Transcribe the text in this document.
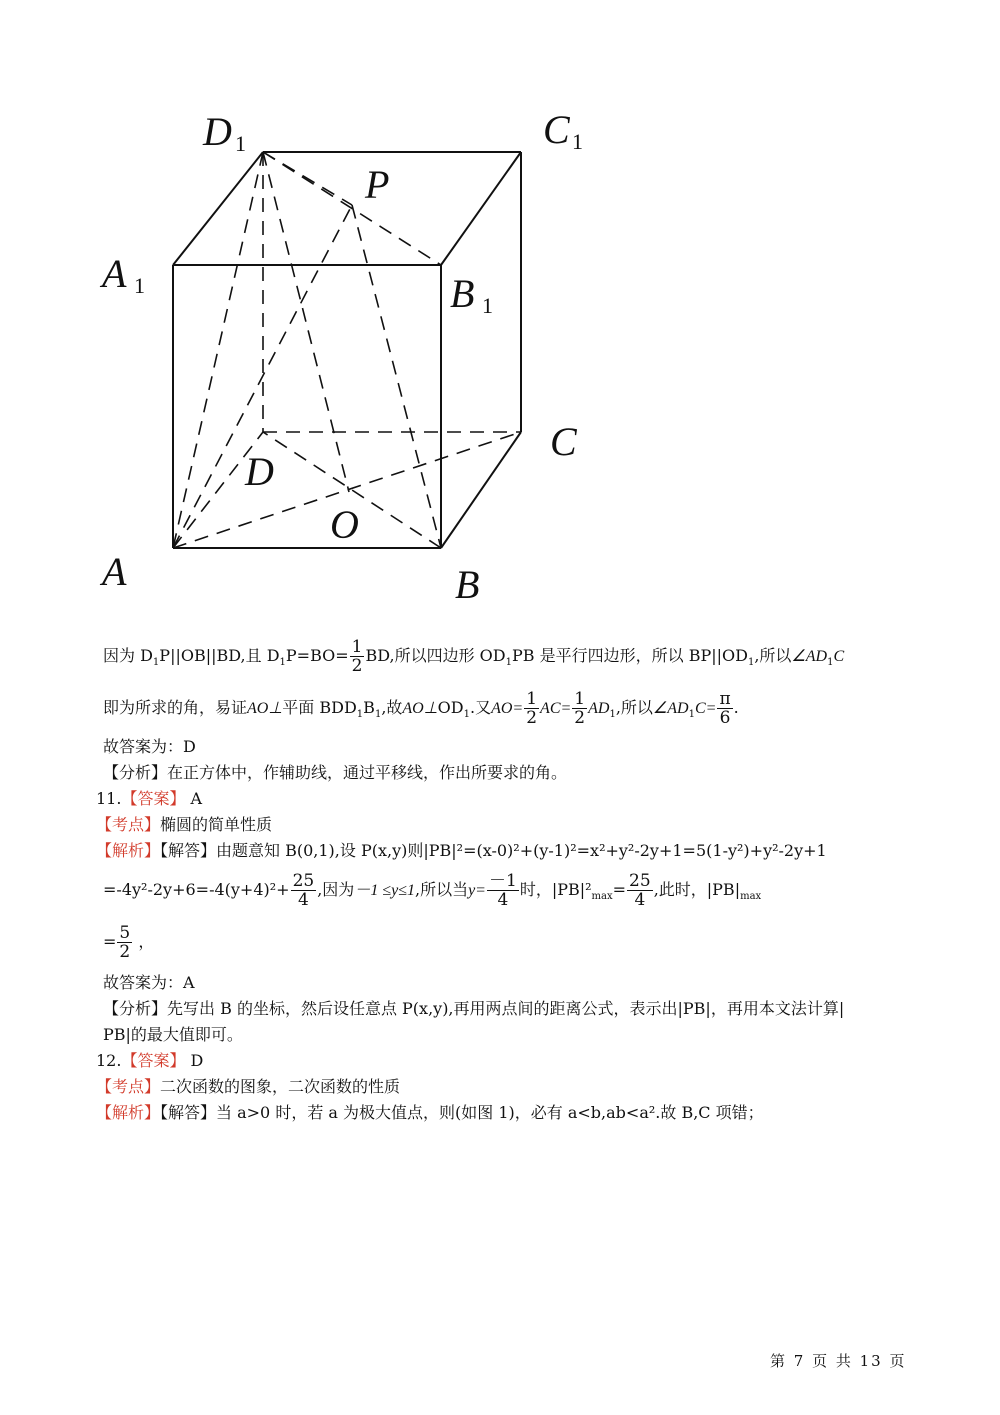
D 1	C 1
P
A 1	B 1
C
D
O
A	B
因为 $D_1P||OB||BD$,且 $D_1P=BO= \frac{1}{2}$ BD,所以四边形 $OD_1PB$ 是平行四边形，所以 $BP||OD_1$,所以$\angle AD_1C$
即为所求的角，易证AO⊥平面 $BDD_1B_1$,故$AO\perp OD_1$.又$AO= \frac{1}{2} AC= \frac{1}{2} AD_1$,所以$\angle AD_1C= \frac{\pi}{6}$ .
故答案为：D
【分析】在正方体中，作辅助线，通过平移线，作出所要求的角。
11.【答案】 A
【考点】椭圆的简单性质
【解析】【解答】由题意知 B(0,1),设 P(x,y)则|PB|²=(x-0)²+(y-1)²=x²+y²-2y+1=5(1-y²)+y²-2y+1
$=-4y^2-2y+6=-4(y+4)^2+ \frac{25}{4}$ ,因为－1 ≤y≤1,所以当$y= \frac{-1}{4}$ 时，$|PB|^2_{max}= \frac{25}{4}$ ,此时，$|PB|_{max}$
= $\frac{5}{2}$ ，
故答案为：A
【分析】先写出 B 的坐标，然后设任意点 P(x,y),再用两点间的距离公式，表示出|PB|，再用本文法计算|
PB|的最大值即可。
12.【答案】 D
【考点】二次函数的图象，二次函数的性质
【解析】【解答】当 a>0 时，若 a 为极大值点，则(如图 1)，必有 a<b,ab<a².故 B,C 项错；
第 7 页 共 13 页
